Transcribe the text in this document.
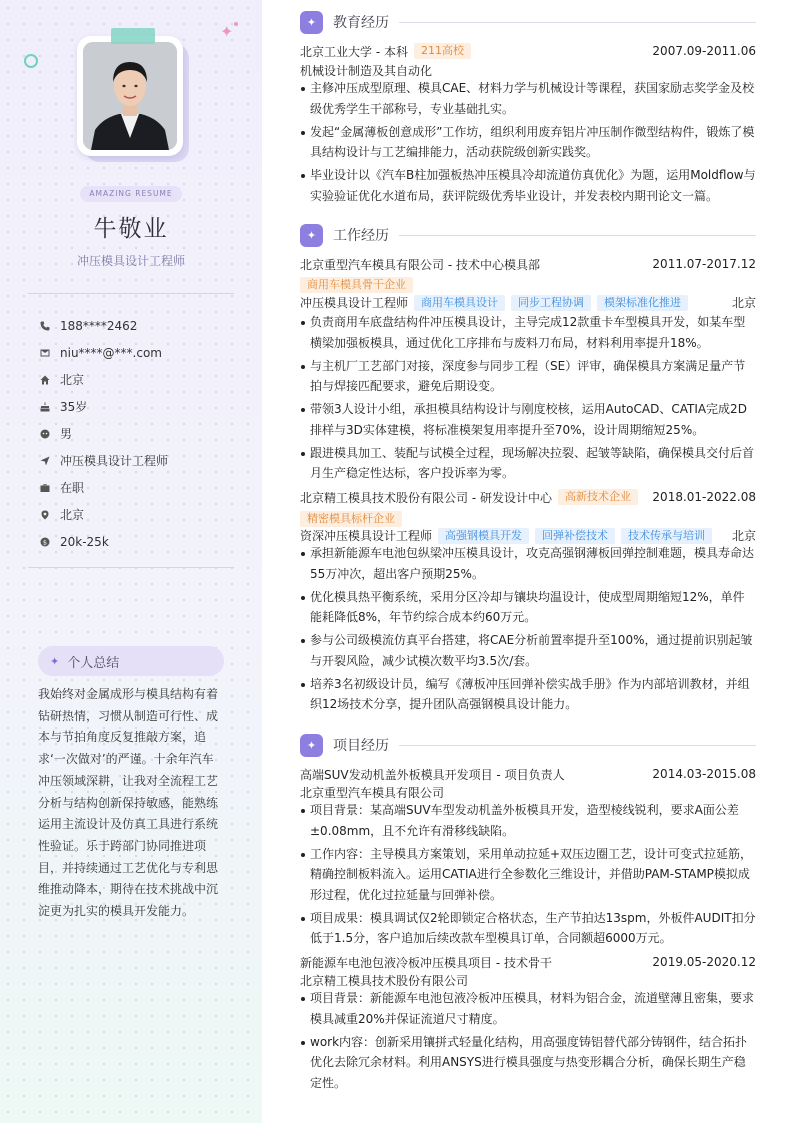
✦
AMAZING RESUME
牛敬业
冲压模具设计工程师
188****2462
niu****@***.com
北京
35岁
男
冲压模具设计工程师
在职
北京
$ 20k-25k
✦ 个人总结
我始终对金属成形与模具结构有着钻研热情，习惯从制造可行性、成本与节拍角度反复推敲方案，追求‘一次做对’的严谨。十余年汽车冲压领域深耕，让我对全流程工艺分析与结构创新保持敏感，能熟练运用主流设计及仿真工具进行系统性验证。乐于跨部门协同推进项目，并持续通过工艺优化与专利思维推动降本，期待在技术挑战中沉淀更为扎实的模具开发能力。
✦	教育经历
北京工业大学 - 本科	211高校	2007.09-2011.06
机械设计制造及其自动化
主修冲压成型原理、模具CAE、材料力学与机械设计等课程，获国家励志奖学金及校级优秀学生干部称号，专业基础扎实。
发起“金属薄板创意成形”工作坊，组织利用废弃铝片冲压制作微型结构件，锻炼了模具结构设计与工艺编排能力，活动获院级创新实践奖。
毕业设计以《汽车B柱加强板热冲压模具冷却流道仿真优化》为题，运用Moldflow与实验验证优化水道布局，获评院级优秀毕业设计，并发表校内期刊论文一篇。
✦	工作经历
北京重型汽车模具有限公司 - 技术中心模具部	2011.07-2017.12
商用车模具骨干企业
冲压模具设计工程师	商用车模具设计	同步工程协调	模架标准化推进	北京
负责商用车底盘结构件冲压模具设计，主导完成12款重卡车型模具开发，如某车型横梁加强板模具，通过优化工序排布与废料刀布局，材料利用率提升18%。
与主机厂工艺部门对接，深度参与同步工程（SE）评审，确保模具方案满足量产节拍与焊接匹配要求，避免后期设变。
带领3人设计小组，承担模具结构设计与刚度校核，运用AutoCAD、CATIA完成2D排样与3D实体建模，将标准模架复用率提升至70%，设计周期缩短25%。
跟进模具加工、装配与试模全过程，现场解决拉裂、起皱等缺陷，确保模具交付后首月生产稳定性达标，客户投诉率为零。
北京精工模具技术股份有限公司 - 研发设计中心	高新技术企业	2018.01-2022.08
精密模具标杆企业
资深冲压模具设计工程师	高强钢模具开发	回弹补偿技术	技术传承与培训	北京
承担新能源车电池包纵梁冲压模具设计，攻克高强钢薄板回弹控制难题，模具寿命达55万冲次，超出客户预期25%。
优化模具热平衡系统，采用分区冷却与镶块均温设计，使成型周期缩短12%，单件能耗降低8%，年节约综合成本约60万元。
参与公司级模流仿真平台搭建，将CAE分析前置率提升至100%，通过提前识别起皱与开裂风险，减少试模次数平均3.5次/套。
培养3名初级设计员，编写《薄板冲压回弹补偿实战手册》作为内部培训教材，并组织12场技术分享，提升团队高强钢模具设计能力。
✦	项目经历
高端SUV发动机盖外板模具开发项目 - 项目负责人	2014.03-2015.08
北京重型汽车模具有限公司
项目背景：某高端SUV车型发动机盖外板模具开发，造型棱线锐利，要求A面公差±0.08mm，且不允许有滑移线缺陷。
工作内容：主导模具方案策划，采用单动拉延+双压边圈工艺，设计可变式拉延筋，精确控制板料流入。运用CATIA进行全参数化三维设计，并借助PAM-STAMP模拟成形过程，优化过拉延量与回弹补偿。
项目成果：模具调试仅2轮即锁定合格状态，生产节拍达13spm，外板件AUDIT扣分低于1.5分，客户追加后续改款车型模具订单，合同额超6000万元。
新能源车电池包液冷板冲压模具项目 - 技术骨干	2019.05-2020.12
北京精工模具技术股份有限公司
项目背景：新能源车电池包液冷板冲压模具，材料为铝合金，流道壁薄且密集，要求模具减重20%并保证流道尺寸精度。
work内容：创新采用镶拼式轻量化结构，用高强度铸铝替代部分铸钢件，结合拓扑优化去除冗余材料。利用ANSYS进行模具强度与热变形耦合分析，确保长期生产稳定性。
